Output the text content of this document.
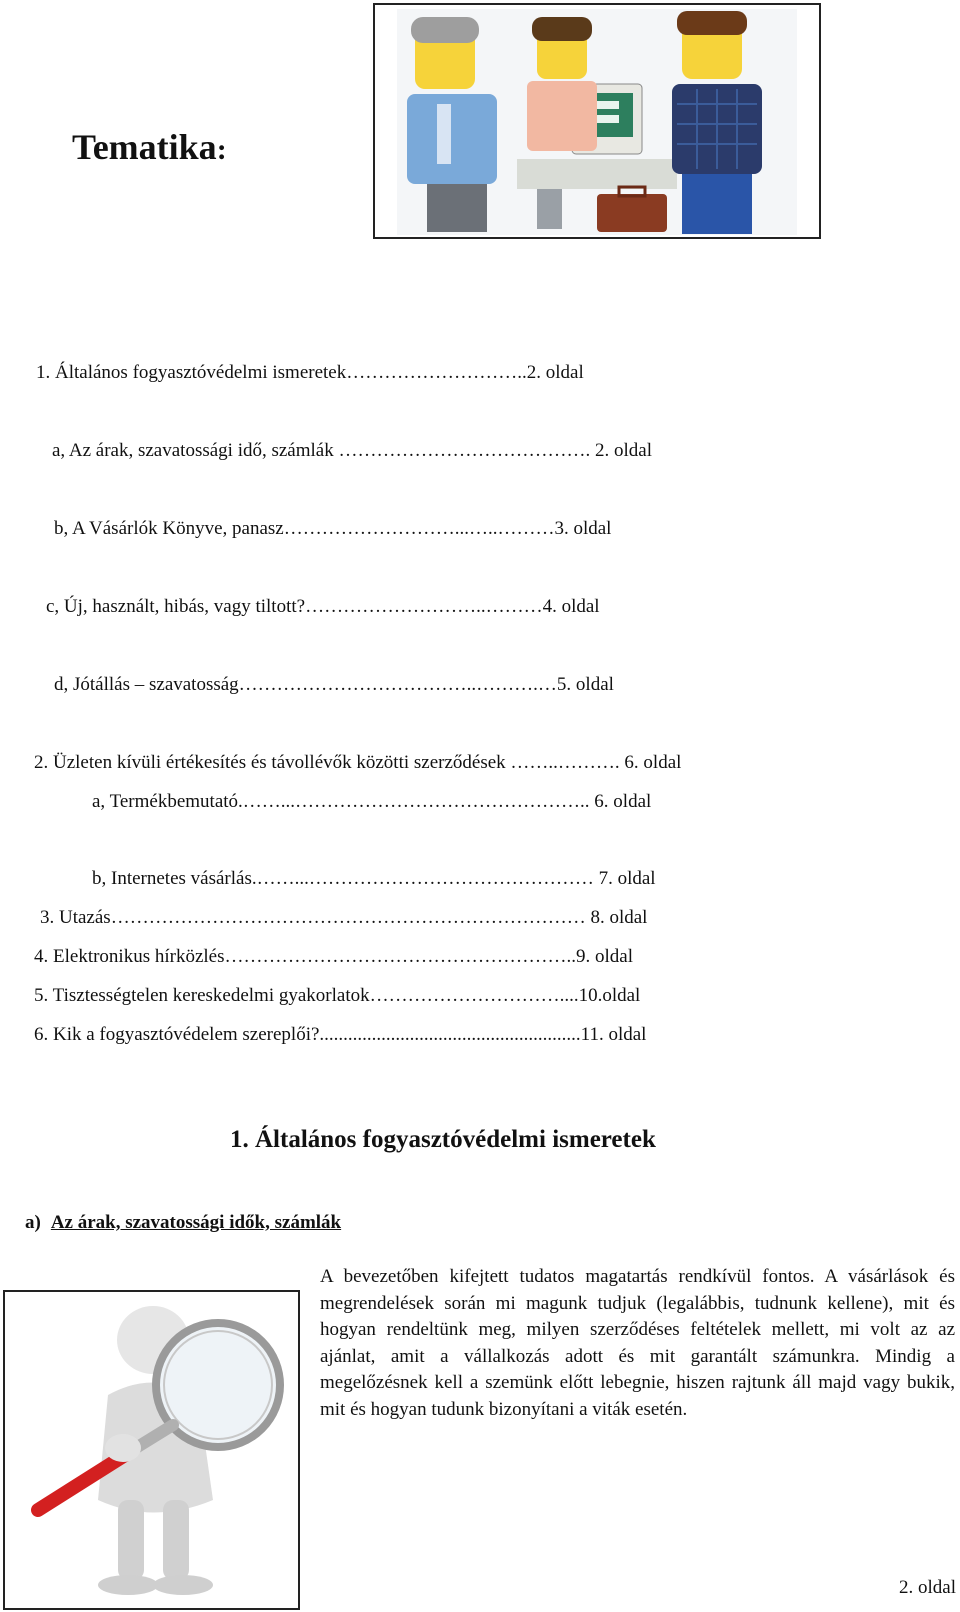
Tematika:
1. Általános fogyasztóvédelmi ismeretek………………………..2. oldal
a, Az árak, szavatossági idő, számlák …………………………………. 2. oldal
b, A Vásárlók Könyve, panasz………………………...…..………3. oldal
c, Új, használt, hibás, vagy tiltott?………………………..………4. oldal
d, Jótállás – szavatosság………………………………..……….…5. oldal
2. Üzleten kívüli értékesítés és távollévők közötti szerződések ……..………. 6. oldal
a, Termékbemutató.……...……………………………………….. 6. oldal
b, Internetes vásárlás.……...……………………………………… 7. oldal
3. Utazás………………………………………………………………… 8. oldal
4. Elektronikus hírközlés………………………………………………..9. oldal
5. Tisztességtelen kereskedelmi gyakorlatok…………………………....10.oldal
6. Kik a fogyasztóvédelem szereplői?.......................................................11. oldal
1. Általános fogyasztóvédelmi ismeretek
a) Az árak, szavatossági idők, számlák
A bevezetőben kifejtett tudatos magatartás rendkívül fontos. A vásárlások és megrendelések során mi magunk tudjuk (legalábbis, tudnunk kellene), mit és hogyan rendeltünk meg, milyen szerződéses feltételek mellett, mi volt az az ajánlat, amit a vállalkozás adott és mit garantált számunkra. Mindig a megelőzésnek kell a szemünk előtt lebegnie, hiszen rajtunk áll majd vagy bukik, mit és hogyan tudunk bizonyítani a viták esetén.
2. oldal
